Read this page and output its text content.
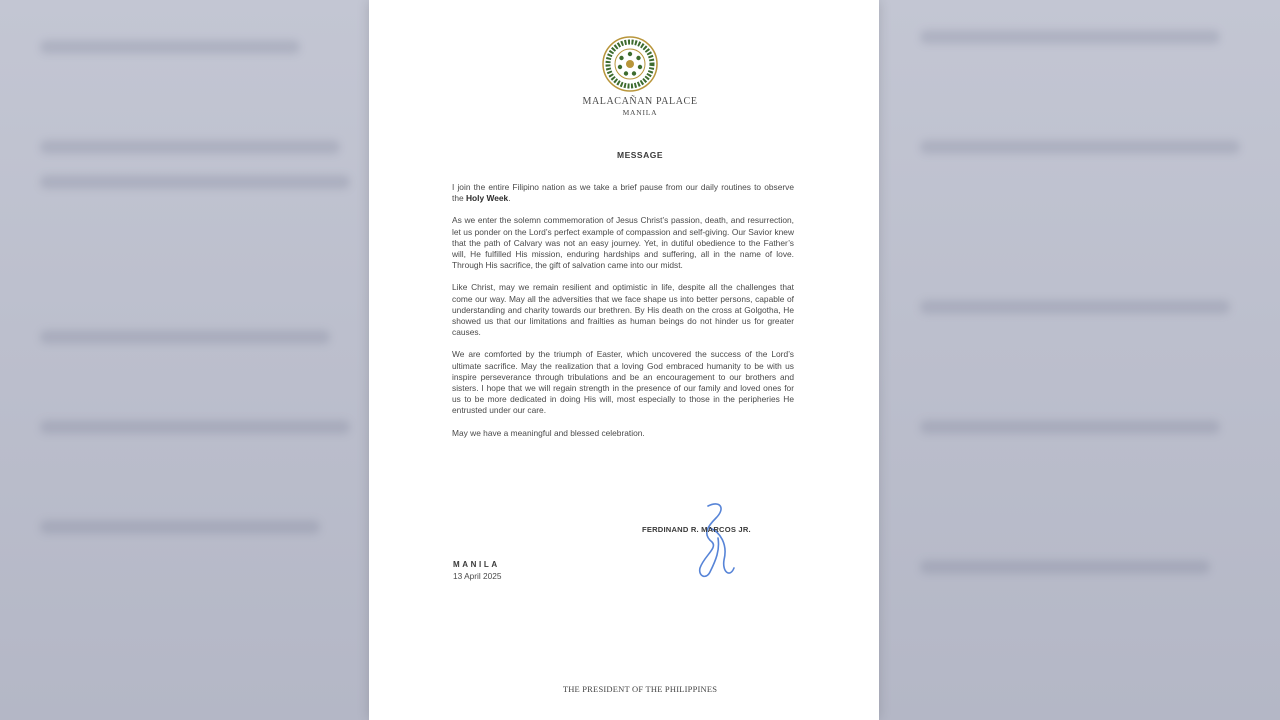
MALACAÑAN PALACE
MANILA
MESSAGE

I join the entire Filipino nation as we take a brief pause from our daily routines to observe the Holy Week.

As we enter the solemn commemoration of Jesus Christ’s passion, death, and resurrection, let us ponder on the Lord’s perfect example of compassion and self-giving. Our Savior knew that the path of Calvary was not an easy journey. Yet, in dutiful obedience to the Father’s will, He fulfilled His mission, enduring hardships and suffering, all in the name of love. Through His sacrifice, the gift of salvation came into our midst.

Like Christ, may we remain resilient and optimistic in life, despite all the challenges that come our way. May all the adversities that we face shape us into better persons, capable of understanding and charity towards our brethren. By His death on the cross at Golgotha, He showed us that our limitations and frailties as human beings do not hinder us for greater causes.

We are comforted by the triumph of Easter, which uncovered the success of the Lord’s ultimate sacrifice. May the realization that a loving God embraced humanity to be with us inspire perseverance through tribulations and be an encouragement to our brothers and sisters. I hope that we will regain strength in the presence of our family and loved ones for us to be more dedicated in doing His will, most especially to those in the peripheries He entrusted under our care.

May we have a meaningful and blessed celebration.

FERDINAND R. MARCOS JR.
MANILA
13 April 2025
THE PRESIDENT OF THE PHILIPPINES
